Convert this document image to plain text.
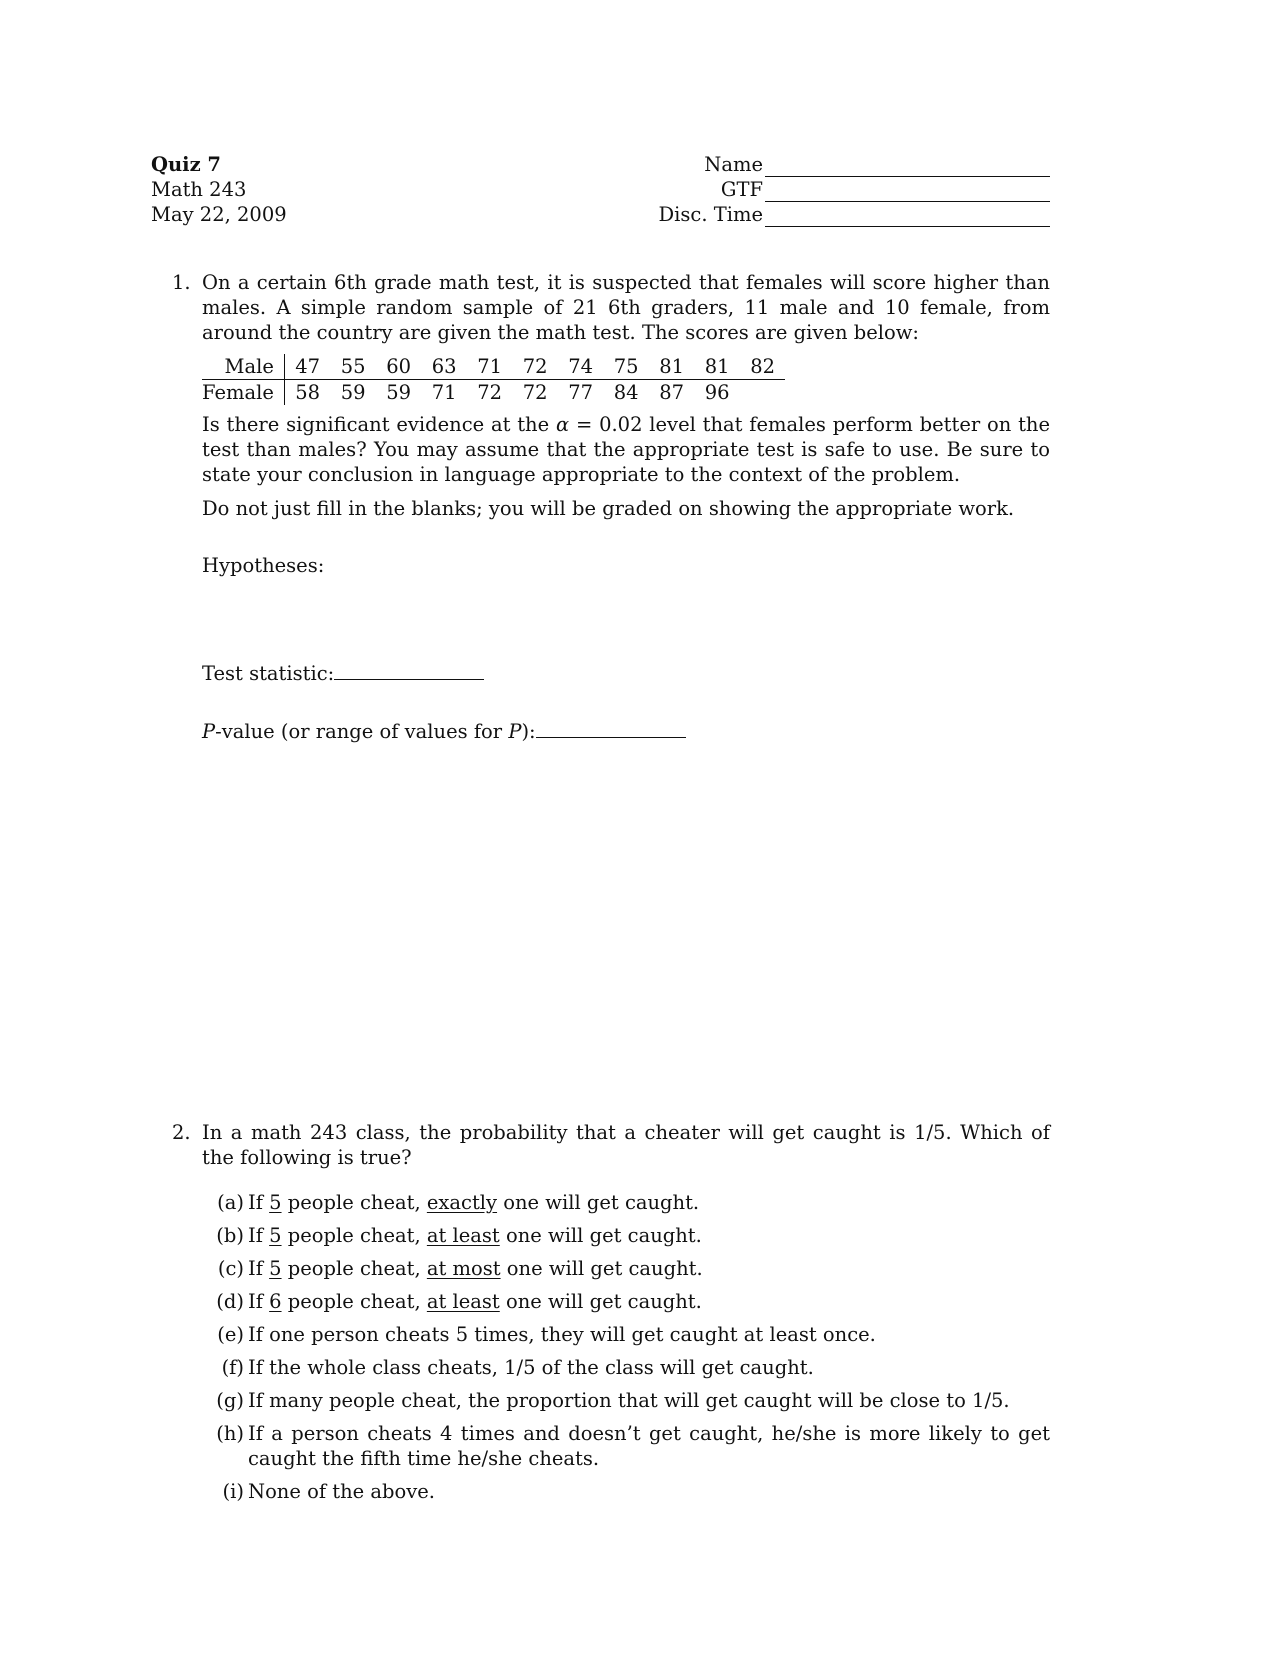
Quiz 7
Math 243
May 22, 2009
Name
GTF
Disc. Time
1. On a certain 6th grade math test, it is suspected that females will score higher than males. A simple random sample of 21 6th graders, 11 male and 10 female, from around the country are given the math test. The scores are given below:
Male	47	55	60	63	71	72	74	75	81	81	82
Female	58	59	59	71	72	72	77	84	87	96	
Is there significant evidence at the α = 0.02 level that females perform better on the test than males? You may assume that the appropriate test is safe to use. Be sure to state your conclusion in language appropriate to the context of the problem.
Do not just fill in the blanks; you will be graded on showing the appropriate work.
Hypotheses:
Test statistic:
P-value (or range of values for P):
2. In a math 243 class, the probability that a cheater will get caught is 1/5. Which of the following is true?
(a) If 5 people cheat, exactly one will get caught.
(b) If 5 people cheat, at least one will get caught.
(c) If 5 people cheat, at most one will get caught.
(d) If 6 people cheat, at least one will get caught.
(e) If one person cheats 5 times, they will get caught at least once.
(f) If the whole class cheats, 1/5 of the class will get caught.
(g) If many people cheat, the proportion that will get caught will be close to 1/5.
(h) If a person cheats 4 times and doesn’t get caught, he/she is more likely to get caught the fifth time he/she cheats.
(i) None of the above.
